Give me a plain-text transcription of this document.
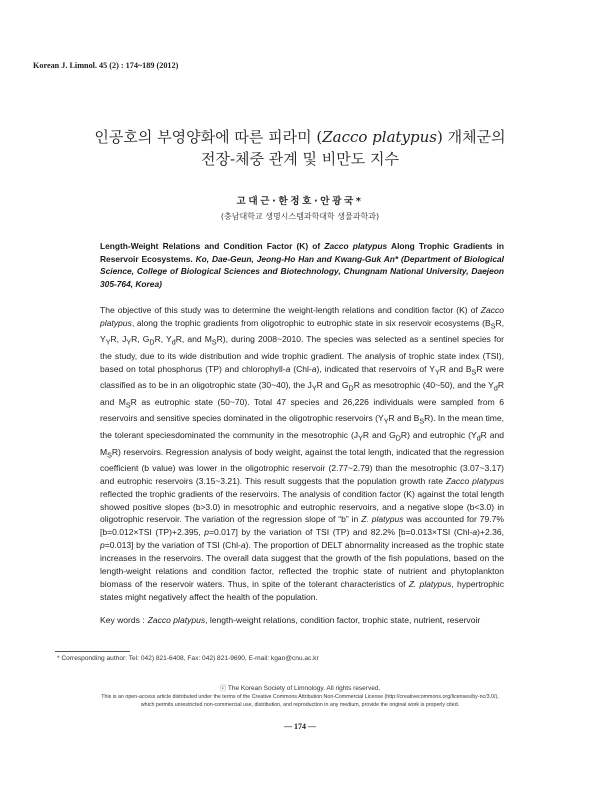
Korean J. Limnol. 45 (2) : 174~189 (2012)
인공호의 부영양화에 따른 피라미 (Zacco platypus) 개체군의
전장-체중 관계 및 비만도 지수
고대근·한정호·안광국*
(충남대학교 생명시스템과학대학 생물과학과)
Length-Weight Relations and Condition Factor (K) of Zacco platypus Along Trophic Gradients in Reservoir Ecosystems. Ko, Dae-Geun, Jeong-Ho Han and Kwang-Guk An* (Department of Biological Science, College of Biological Sciences and Biotechnology, Chungnam National University, Daejeon 305-764, Korea)
The objective of this study was to determine the weight-length relations and condition factor (K) of Zacco platypus, along the trophic gradients from oligotrophic to eutrophic state in six reservoir ecosystems ($B_SR$, $Y_YR$, $J_YR$, $G_DR$, $Y_dR$, and $M_SR$), during 2008~2010. The species was selected as a sentinel species for the study, due to its wide distribution and wide trophic gradient. The analysis of trophic state index (TSI), based on total phosphorus (TP) and chlorophyll-a (Chl-a), indicated that reservoirs of $Y_YR$ and $B_SR$ were classified as to be in an oligotrophic state (30~40), the $J_YR$ and $G_DR$ as mesotrophic (40~50), and the $Y_dR$ and $M_SR$ as eutrophic state (50~70). Total 47 species and 26,226 individuals were sampled from 6 reservoirs and sensitive species dominated in the oligotrophic reservoirs ($Y_YR$ and $B_SR$). In the mean time, the tolerant speciesdominated the community in the mesotrophic ($J_YR$ and $G_DR$) and eutrophic ($Y_dR$ and $M_SR$) reservoirs. Regression analysis of body weight, against the total length, indicated that the regression coefficient (b value) was lower in the oligotrophic reservoir (2.77~2.79) than the mesotrophic (3.07~3.17) and eutrophic reservoirs (3.15~3.21). This result suggests that the population growth rate Zacco platypus reflected the trophic gradients of the reservoirs. The analysis of condition factor (K) against the total length showed positive slopes (b>3.0) in mesotrophic and eutrophic reservoirs, and a negative slope (b<3.0) in oligotrophic reservoir. The variation of the regression slope of “b” in Z. platypus was accounted for 79.7% [b=0.012×TSI (TP)+2.395, p=0.017] by the variation of TSI (TP) and 82.2% [b=0.013×TSI (Chl-a)+2.36, p=0.013] by the variation of TSI (Chl-a). The proportion of DELT abnormality increased as the trophic state increases in the reservoirs. The overall data suggest that the growth of the fish populations, based on the length-weight relations and condition factor, reflected the trophic state of nutrient and phytoplankton biomass of the reservoir waters. Thus, in spite of the tolerant characteristics of Z. platypus, hypertrophic states might negatively affect the health of the population.
Key words : Zacco platypus, length-weight relations, condition factor, trophic state, nutrient, reservoir
* Corresponding author: Tel: 042) 821-6408, Fax: 042) 821-9690, E-mail: kgan@cnu.ac.kr
ⓒ The Korean Society of Limnology. All rights reserved.
This is an open-access article distributed under the terms of the Creative Commons Attribution Non-Commercial License (http://creativecommons.org/licenses/by-nc/3.0/),
which permits unrestricted non-commercial use, distribution, and reproduction in any medium, provide the original work is properly cited.
— 174 —
